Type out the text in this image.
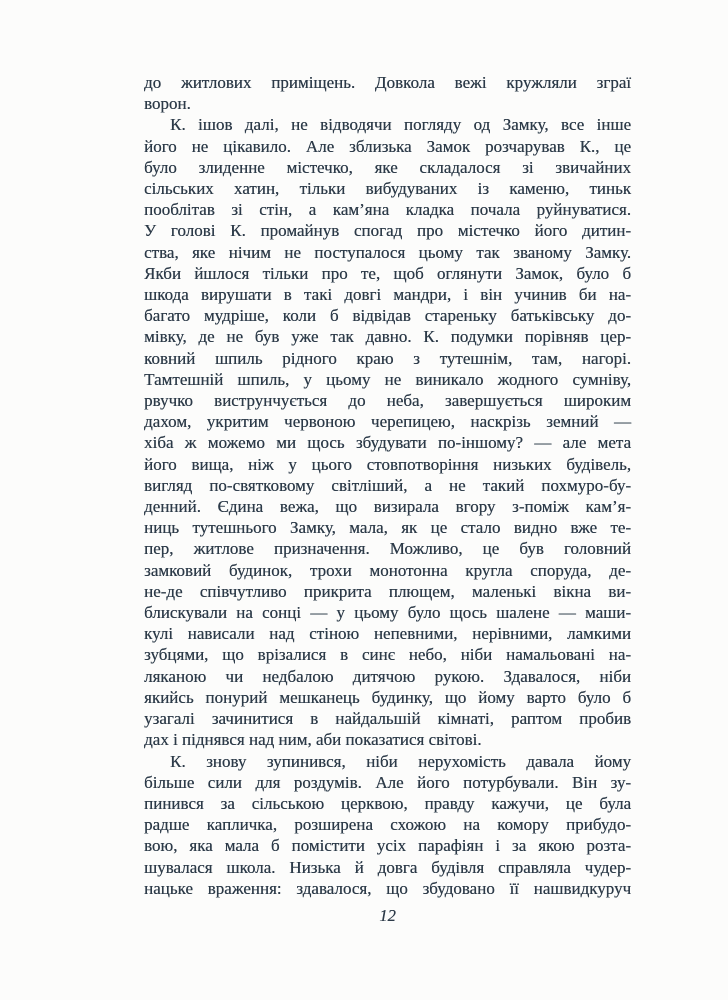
до житлових приміщень. Довкола вежі кружляли зграї
ворон.
К. ішов далі, не відводячи погляду од Замку, все інше
його не цікавило. Але зблизька Замок розчарував К., це
було злиденне містечко, яке складалося зі звичайних
сільських хатин, тільки вибудуваних із каменю, тиньк
пооблітав зі стін, а кам’яна кладка почала руйнуватися.
У голові К. промайнув спогад про містечко його дитин-
ства, яке нічим не поступалося цьому так званому Замку.
Якби йшлося тільки про те, щоб оглянути Замок, було б
шкода вирушати в такі довгі мандри, і він учинив би на-
багато мудріше, коли б відвідав стареньку батьківську до-
мівку, де не був уже так давно. К. подумки порівняв цер-
ковний шпиль рідного краю з тутешнім, там, нагорі.
Тамтешній шпиль, у цьому не виникало жодного сумніву,
рвучко виструнчується до неба, завершується широким
дахом, укритим червоною черепицею, наскрізь земний —
хіба ж можемо ми щось збудувати по-іншому? — але мета
його вища, ніж у цього стовпотворіння низьких будівель,
вигляд по-святковому світліший, а не такий похмуро-бу-
денний. Єдина вежа, що визирала вгору з-поміж кам’я-
ниць тутешнього Замку, мала, як це стало видно вже те-
пер, житлове призначення. Можливо, це був головний
замковий будинок, трохи монотонна кругла споруда, де-
не-де співчутливо прикрита плющем, маленькі вікна ви-
блискували на сонці — у цьому було щось шалене — маши-
кулі нависали над стіною непевними, нерівними, ламкими
зубцями, що врізалися в синє небо, ніби намальовані на-
ляканою чи недбалою дитячою рукою. Здавалося, ніби
якийсь понурий мешканець будинку, що йому варто було б
узагалі зачинитися в найдальшій кімнаті, раптом пробив
дах і піднявся над ним, аби показатися світові.
К. знову зупинився, ніби нерухомість давала йому
більше сили для роздумів. Але його потурбували. Він зу-
пинився за сільською церквою, правду кажучи, це була
радше капличка, розширена схожою на комору прибудо-
вою, яка мала б помістити усіх парафіян і за якою розта-
шувалася школа. Низька й довга будівля справляла чудер-
нацьке враження: здавалося, що збудовано її нашвидкуруч
12
